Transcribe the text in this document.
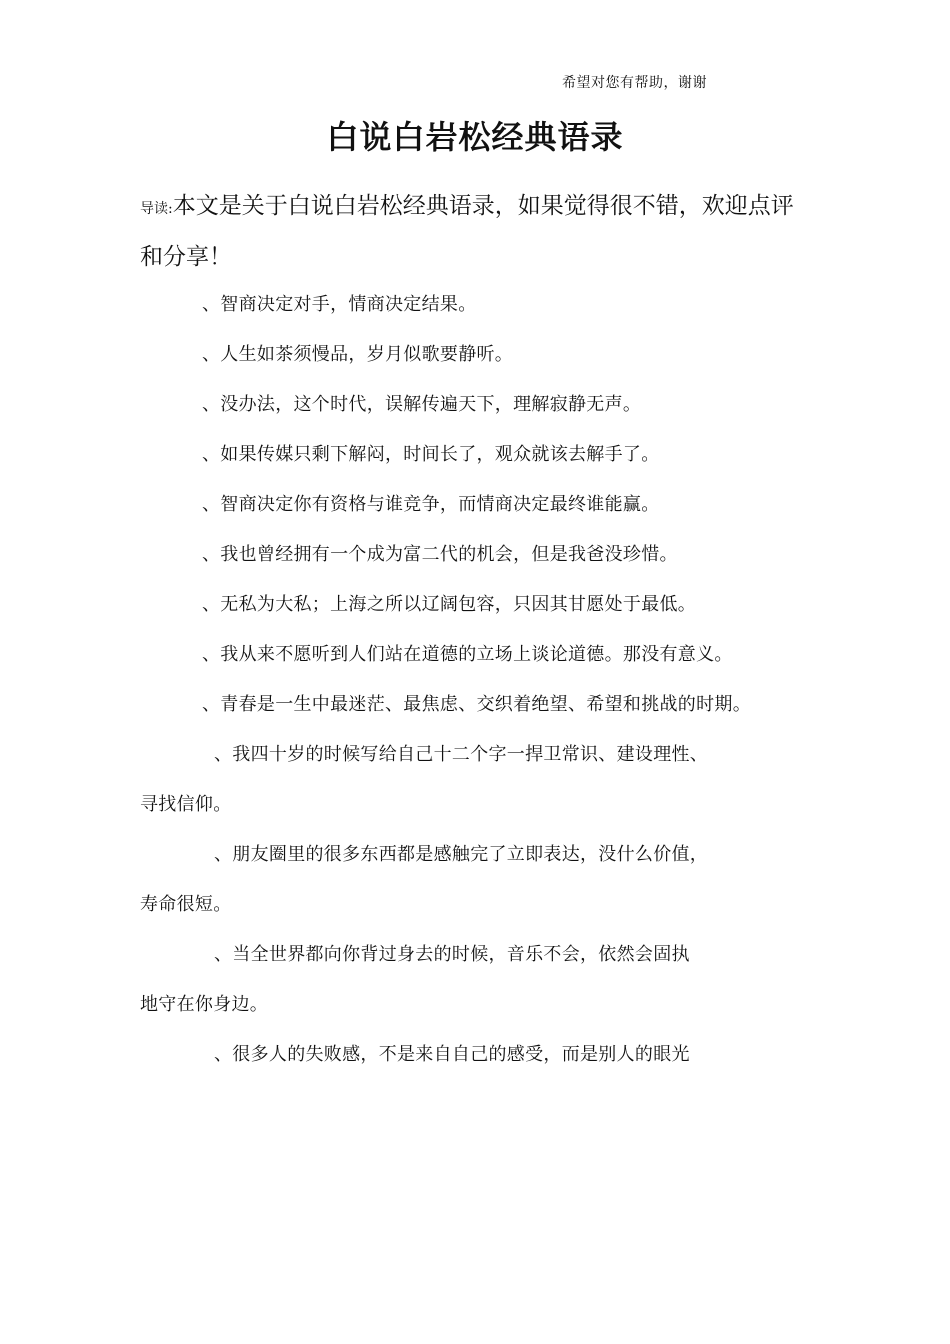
希望对您有帮助，谢谢
白说白岩松经典语录
导读:本文是关于白说白岩松经典语录，如果觉得很不错，欢迎点评和分享！
、智商决定对手，情商决定结果。
、人生如茶须慢品，岁月似歌要静听。
、没办法，这个时代，误解传遍天下，理解寂静无声。
、如果传媒只剩下解闷，时间长了，观众就该去解手了。
、智商决定你有资格与谁竞争，而情商决定最终谁能赢。
、我也曾经拥有一个成为富二代的机会，但是我爸没珍惜。
、无私为大私；上海之所以辽阔包容，只因其甘愿处于最低。
、我从来不愿听到人们站在道德的立场上谈论道德。那没有意义。
、青春是一生中最迷茫、最焦虑、交织着绝望、希望和挑战的时期。
、我四十岁的时候写给自己十二个字一捍卫常识、建设理性、
寻找信仰。
、朋友圈里的很多东西都是感触完了立即表达，没什么价值，
寿命很短。
、当全世界都向你背过身去的时候，音乐不会，依然会固执
地守在你身边。
、很多人的失败感，不是来自自己的感受，而是别人的眼光
